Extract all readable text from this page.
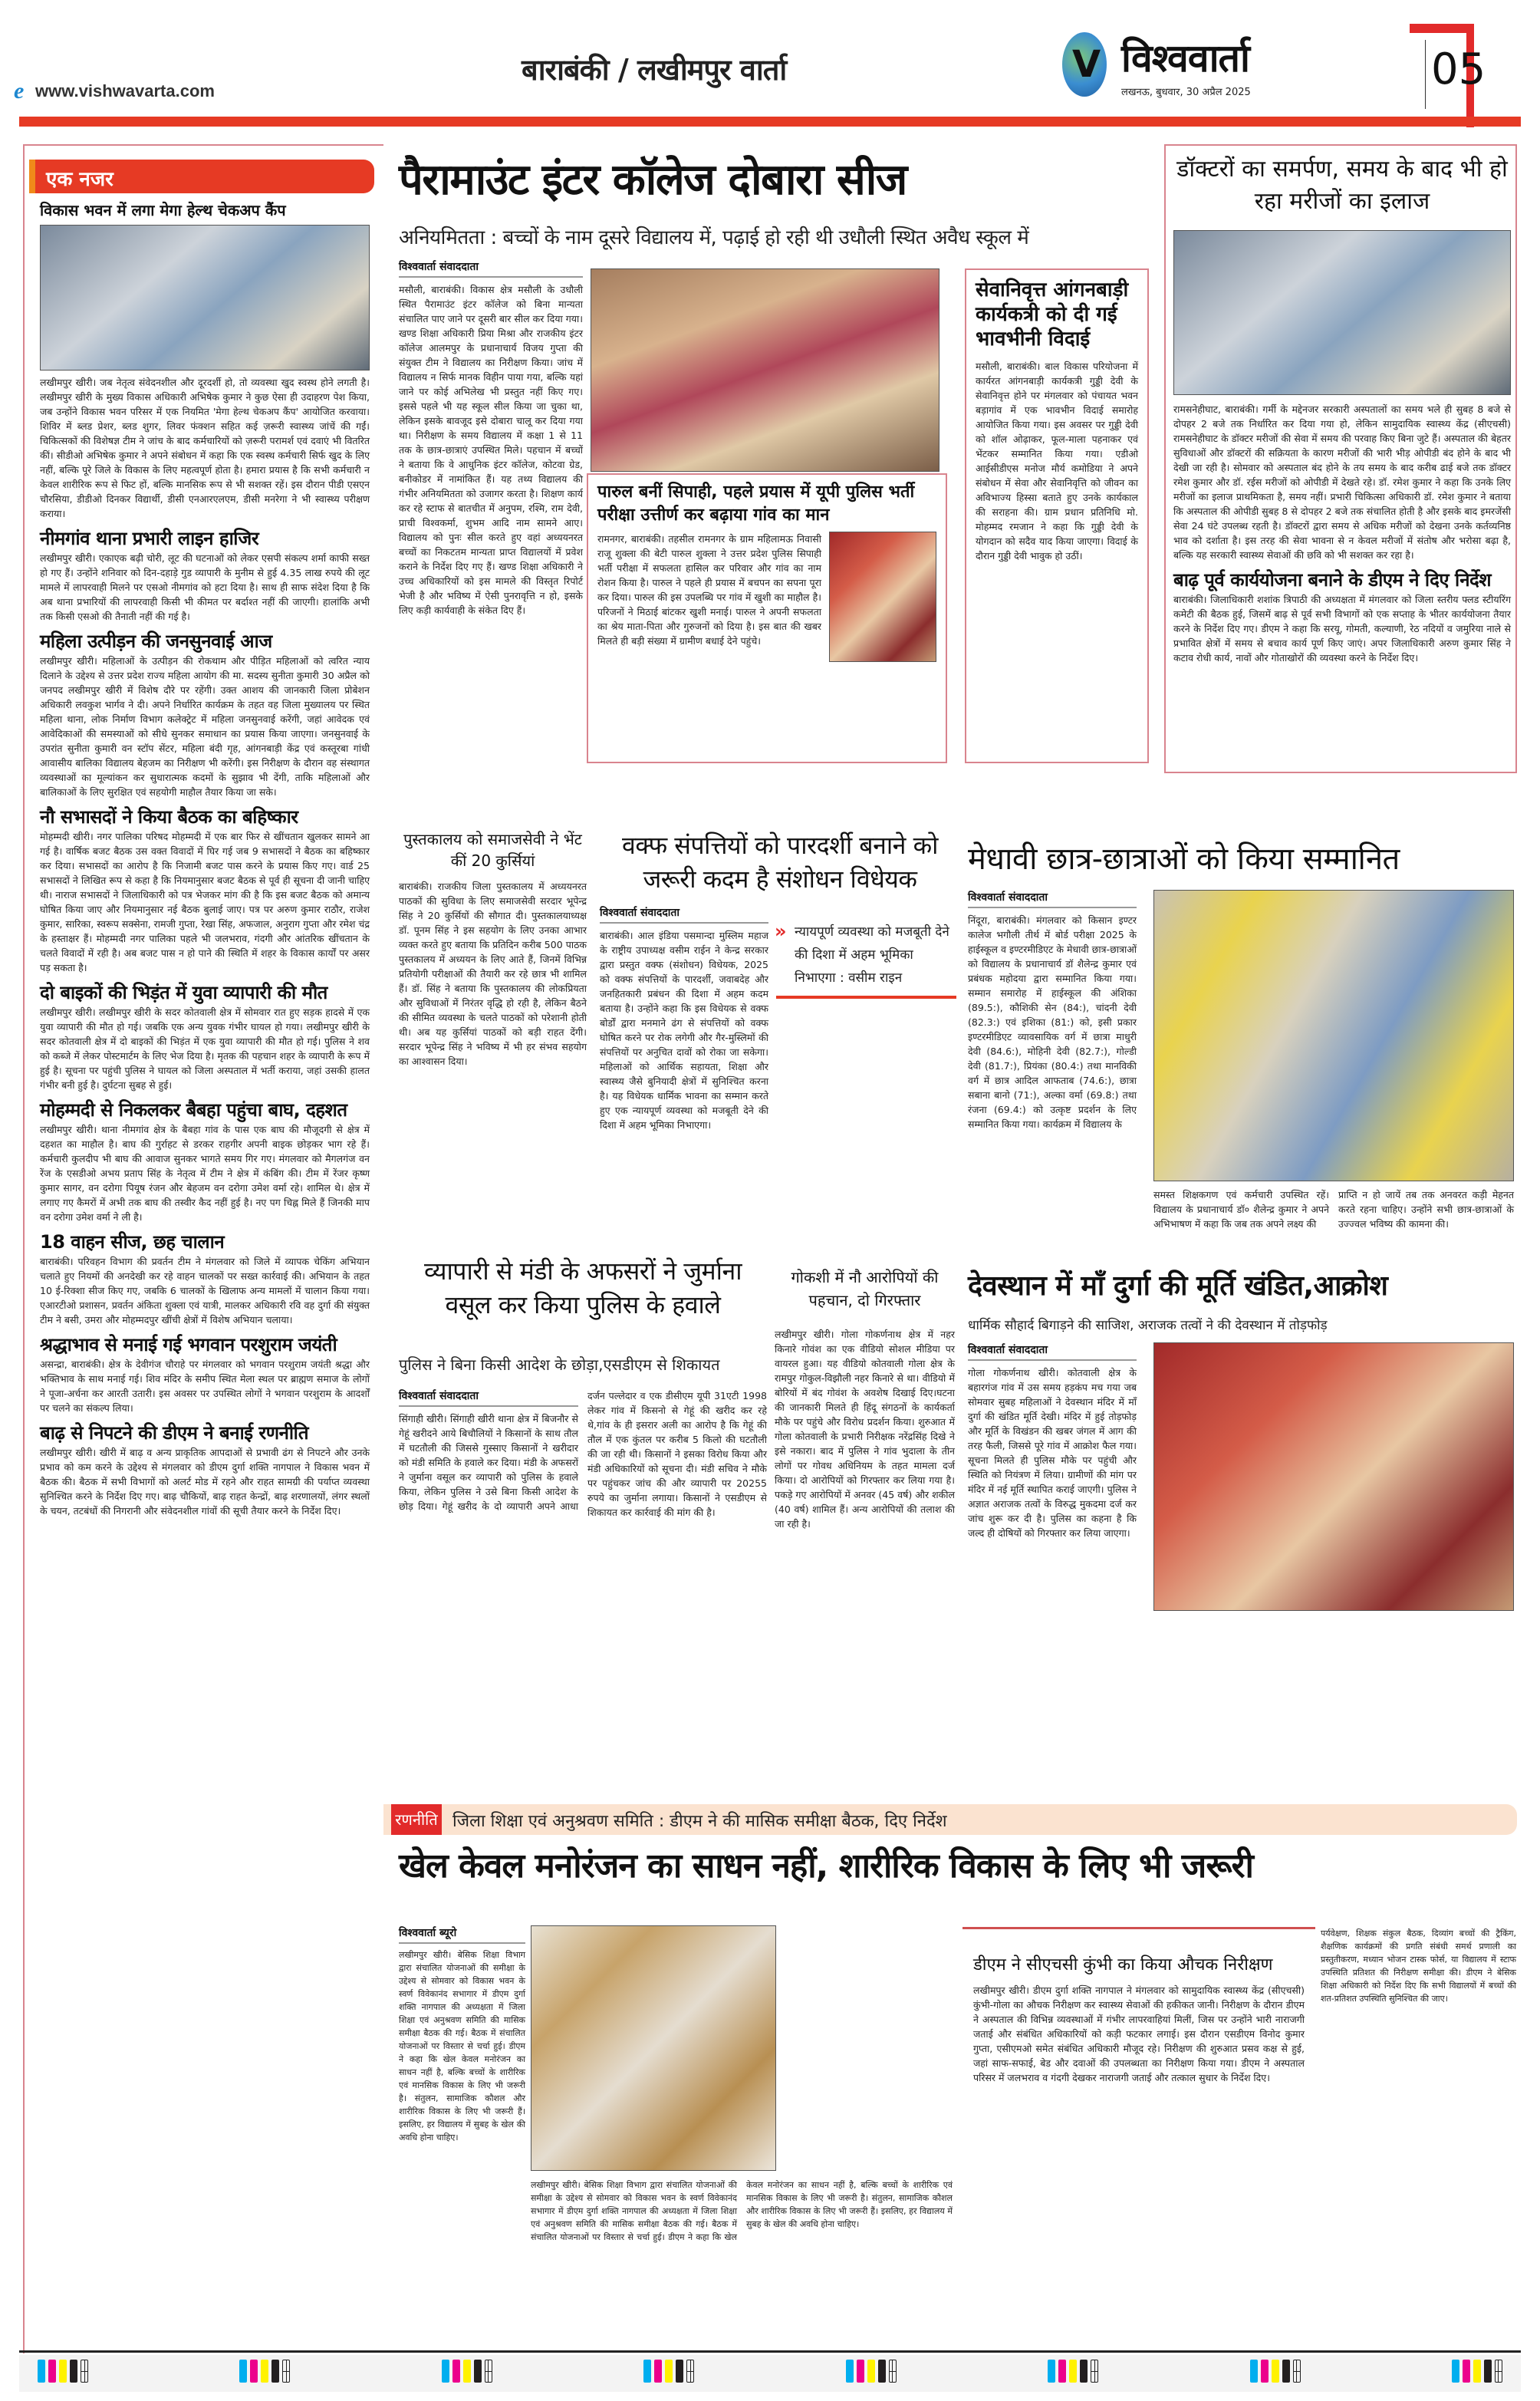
e www.vishwavarta.com
बाराबंकी / लखीमपुर वार्ता	V विश्ववार्ता
लखनऊ, बुधवार, 30 अप्रैल 2025	05
एक नजर
विकास भवन में लगा मेगा हेल्थ चेकअप कैंप

लखीमपुर खीरी। जब नेतृत्व संवेदनशील और दूरदर्शी हो, तो व्यवस्था खुद स्वस्थ होने लगती है। लखीमपुर खीरी के मुख्य विकास अधिकारी अभिषेक कुमार ने कुछ ऐसा ही उदाहरण पेश किया, जब उन्होंने विकास भवन परिसर में एक नियमित 'मेगा हेल्थ चेकअप कैंप' आयोजित करवाया। शिविर में ब्लड प्रेशर, ब्लड शुगर, लिवर फंक्शन सहित कई ज़रूरी स्वास्थ्य जांचें की गईं। चिकित्सकों की विशेषज्ञ टीम ने जांच के बाद कर्मचारियों को ज़रूरी परामर्श एवं दवाएं भी वितरित कीं। सीडीओ अभिषेक कुमार ने अपने संबोधन में कहा कि एक स्वस्थ कर्मचारी सिर्फ खुद के लिए नहीं, बल्कि पूरे जिले के विकास के लिए महत्वपूर्ण होता है। हमारा प्रयास है कि सभी कर्मचारी न केवल शारीरिक रूप से फिट हों, बल्कि मानसिक रूप से भी सशक्त रहें। इस दौरान पीडी एसएन चौरसिया, डीडीओ दिनकर विद्यार्थी, डीसी एनआरएलएम, डीसी मनरेगा ने भी स्वास्थ्य परीक्षण कराया।

नीमगांव थाना प्रभारी लाइन हाजिर

लखीमपुर खीरी। एकाएक बढ़ी चोरी, लूट की घटनाओं को लेकर एसपी संकल्प शर्मा काफी सख्त हो गए हैं। उन्होंने शनिवार को दिन-दहाड़े गुड व्यापारी के मुनीम से हुई 4.35 लाख रुपये की लूट मामले में लापरवाही मिलने पर एसओ नीमगांव को हटा दिया है। साथ ही साफ संदेश दिया है कि अब थाना प्रभारियों की लापरवाही किसी भी कीमत पर बर्दाश्त नहीं की जाएगी। हालांकि अभी तक किसी एसओ की तैनाती नहीं की गई है।

महिला उत्पीड़न की जनसुनवाई आज

लखीमपुर खीरी। महिलाओं के उत्पीड़न की रोकथाम और पीड़ित महिलाओं को त्वरित न्याय दिलाने के उद्देश्य से उत्तर प्रदेश राज्य महिला आयोग की मा. सदस्य सुनीता कुमारी 30 अप्रैल को जनपद लखीमपुर खीरी में विशेष दौरे पर रहेंगी। उक्त आशय की जानकारी जिला प्रोबेशन अधिकारी लवकुश भार्गव ने दी। अपने निर्धारित कार्यक्रम के तहत वह जिला मुख्यालय पर स्थित महिला थाना, लोक निर्माण विभाग कलेक्ट्रेट में महिला जनसुनवाई करेंगी, जहां आवेदक एवं आवेदिकाओं की समस्याओं को सीधे सुनकर समाधान का प्रयास किया जाएगा। जनसुनवाई के उपरांत सुनीता कुमारी वन स्टॉप सेंटर, महिला बंदी गृह, आंगनबाड़ी केंद्र एवं कस्तूरबा गांधी आवासीय बालिका विद्यालय बेहजम का निरीक्षण भी करेंगी। इस निरीक्षण के दौरान वह संस्थागत व्यवस्थाओं का मूल्यांकन कर सुधारात्मक कदमों के सुझाव भी देंगी, ताकि महिलाओं और बालिकाओं के लिए सुरक्षित एवं सहयोगी माहौल तैयार किया जा सके।

नौ सभासदों ने किया बैठक का बहिष्कार

मोहम्मदी खीरी। नगर पालिका परिषद मोहम्मदी में एक बार फिर से खींचतान खुलकर सामने आ गई है। वार्षिक बजट बैठक उस वक्त विवादों में घिर गई जब 9 सभासदों ने बैठक का बहिष्कार कर दिया। सभासदों का आरोप है कि निजामी बजट पास करने के प्रयास किए गए। वार्ड 25 सभासदों ने लिखित रूप से कहा है कि नियमानुसार बजट बैठक से पूर्व ही सूचना दी जानी चाहिए थी। नाराज सभासदों ने जिलाधिकारी को पत्र भेजकर मांग की है कि इस बजट बैठक को अमान्य घोषित किया जाए और नियमानुसार नई बैठक बुलाई जाए। पत्र पर अरुण कुमार राठौर, राजेश कुमार, सारिका, स्वरूप सक्सेना, रामजी गुप्ता, रेखा सिंह, अफजाल, अनुराग गुप्ता और रमेश चंद्र के हस्ताक्षर हैं। मोहम्मदी नगर पालिका पहले भी जलभराव, गंदगी और आंतरिक खींचतान के चलते विवादों में रही है। अब बजट पास न हो पाने की स्थिति में शहर के विकास कार्यों पर असर पड़ सकता है।

दो बाइकों की भिड़ंत में युवा व्यापारी की मौत

लखीमपुर खीरी। लखीमपुर खीरी के सदर कोतवाली क्षेत्र में सोमवार रात हुए सड़क हादसे में एक युवा व्यापारी की मौत हो गई। जबकि एक अन्य युवक गंभीर घायल हो गया। लखीमपुर खीरी के सदर कोतवाली क्षेत्र में दो बाइकों की भिड़ंत में एक युवा व्यापारी की मौत हो गई। पुलिस ने शव को कब्जे में लेकर पोस्टमार्टम के लिए भेज दिया है। मृतक की पहचान शहर के व्यापारी के रूप में हुई है। सूचना पर पहुंची पुलिस ने घायल को जिला अस्पताल में भर्ती कराया, जहां उसकी हालत गंभीर बनी हुई है। दुर्घटना सुबह से हुई।

मोहम्मदी से निकलकर बैबहा पहुंचा बाघ, दहशत

लखीमपुर खीरी। थाना नीमगांव क्षेत्र के बैबहा गांव के पास एक बाघ की मौजूदगी से क्षेत्र में दहशत का माहौल है। बाघ की गुर्राहट से डरकर राहगीर अपनी बाइक छोड़कर भाग रहे हैं। कर्मचारी कुलदीप भी बाघ की आवाज सुनकर भागते समय गिर गए। मंगलवार को मैगलगंज वन रेंज के एसडीओ अभय प्रताप सिंह के नेतृत्व में टीम ने क्षेत्र में कंबिंग की। टीम में रेंजर कृष्ण कुमार सागर, वन दरोगा पियूष रंजन और बेहजम वन दरोगा उमेश वर्मा रहे। शामिल थे। क्षेत्र में लगाए गए कैमरों में अभी तक बाघ की तस्वीर कैद नहीं हुई है। नए पग चिह्न मिले हैं जिनकी माप वन दरोगा उमेश वर्मा ने ली है।

18 वाहन सीज, छह चालान

बाराबंकी। परिवहन विभाग की प्रवर्तन टीम ने मंगलवार को जिले में व्यापक चेकिंग अभियान चलाते हुए नियमों की अनदेखी कर रहे वाहन चालकों पर सख्त कार्रवाई की। अभियान के तहत 10 ई-रिक्शा सीज किए गए, जबकि 6 चालकों के खिलाफ अन्य मामलों में चालान किया गया। एआरटीओ प्रशासन, प्रवर्तन अंकिता शुक्ला एवं यात्री, मालकर अधिकारी रवि वह दुर्गा की संयुक्त टीम ने बसी, उमरा और मोहम्मदपुर खींची क्षेत्रों में विशेष अभियान चलाया।

श्रद्धाभाव से मनाई गई भगवान परशुराम जयंती

असन्द्रा, बाराबंकी। क्षेत्र के देवीगंज चौराहे पर मंगलवार को भगवान परशुराम जयंती श्रद्धा और भक्तिभाव के साथ मनाई गई। शिव मंदिर के समीप स्थित मेला स्थल पर ब्राह्मण समाज के लोगों ने पूजा-अर्चना कर आरती उतारी। इस अवसर पर उपस्थित लोगों ने भगवान परशुराम के आदर्शों पर चलने का संकल्प लिया।

बाढ़ से निपटने की डीएम ने बनाई रणनीति

लखीमपुर खीरी। खीरी में बाढ़ व अन्य प्राकृतिक आपदाओं से प्रभावी ढंग से निपटने और उनके प्रभाव को कम करने के उद्देश्य से मंगलवार को डीएम दुर्गा शक्ति नागपाल ने विकास भवन में बैठक की। बैठक में सभी विभागों को अलर्ट मोड में रहने और राहत सामग्री की पर्याप्त व्यवस्था सुनिश्चित करने के निर्देश दिए गए। बाढ़ चौकियों, बाढ़ राहत केन्द्रों, बाढ़ शरणालयों, लंगर स्थलों के चयन, तटबंधों की निगरानी और संवेदनशील गांवों की सूची तैयार करने के निर्देश दिए।

पैरामाउंट इंटर कॉलेज दोबारा सीज
अनियमितता : बच्चों के नाम दूसरे विद्यालय में, पढ़ाई हो रही थी उधौली स्थित अवैध स्कूल में
विश्ववार्ता संवाददाता

मसौली, बाराबंकी। विकास क्षेत्र मसौली के उधौली स्थित पैरामाउंट इंटर कॉलेज को बिना मान्यता संचालित पाए जाने पर दूसरी बार सील कर दिया गया। खण्ड शिक्षा अधिकारी प्रिया मिश्रा और राजकीय इंटर कॉलेज आलमपुर के प्रधानाचार्य विजय गुप्ता की संयुक्त टीम ने विद्यालय का निरीक्षण किया। जांच में विद्यालय न सिर्फ मानक विहीन पाया गया, बल्कि यहां जाने पर कोई अभिलेख भी प्रस्तुत नहीं किए गए। इससे पहले भी यह स्कूल सील किया जा चुका था, लेकिन इसके बावजूद इसे दोबारा चालू कर दिया गया था। निरीक्षण के समय विद्यालय में कक्षा 1 से 11 तक के छात्र-छात्राएं उपस्थित मिले। पहचान में बच्चों ने बताया कि वे आधुनिक इंटर कॉलेज, कोटवा ग्रेड, बनीकोडर में नामांकित हैं। यह तथ्य विद्यालय की गंभीर अनियमितता को उजागर करता है। शिक्षण कार्य कर रहे स्टाफ से बातचीत में अनुपम, रश्मि, राम देवी, प्राची विश्वकर्मा, शुभम आदि नाम सामने आए। विद्यालय को पुनः सील करते हुए वहां अध्ययनरत बच्चों का निकटतम मान्यता प्राप्त विद्यालयों में प्रवेश कराने के निर्देश दिए गए हैं। खण्ड शिक्षा अधिकारी ने उच्च अधिकारियों को इस मामले की विस्तृत रिपोर्ट भेजी है और भविष्य में ऐसी पुनरावृत्ति न हो, इसके लिए कड़ी कार्यवाही के संकेत दिए हैं।

सेवानिवृत्त आंगनबाड़ी कार्यकत्री को दी गई भावभीनी विदाई

मसौली, बाराबंकी। बाल विकास परियोजना में कार्यरत आंगनबाड़ी कार्यकत्री गुड्डी देवी के सेवानिवृत्त होने पर मंगलवार को पंचायत भवन बड़ागांव में एक भावभीन विदाई समारोह आयोजित किया गया। इस अवसर पर गुड्डी देवी को शॉल ओढ़ाकर, फूल-माला पहनाकर एवं भेंटकर सम्मानित किया गया। एडीओ आईसीडीएस मनोज मौर्य कमोडिया ने अपने संबोधन में सेवा और सेवानिवृत्ति को जीवन का अविभाज्य हिस्सा बताते हुए उनके कार्यकाल की सराहना की। ग्राम प्रधान प्रतिनिधि मो. मोहम्मद रमजान ने कहा कि गुड्डी देवी के योगदान को सदैव याद किया जाएगा। विदाई के दौरान गुड्डी देवी भावुक हो उठीं।

पारुल बनीं सिपाही, पहले प्रयास में यूपी पुलिस भर्ती परीक्षा उत्तीर्ण कर बढ़ाया गांव का मान

रामनगर, बाराबंकी। तहसील रामनगर के ग्राम महिलामऊ निवासी राजू शुक्ला की बेटी पारुल शुक्ला ने उत्तर प्रदेश पुलिस सिपाही भर्ती परीक्षा में सफलता हासिल कर परिवार और गांव का नाम रोशन किया है। पारुल ने पहले ही प्रयास में बचपन का सपना पूरा कर दिया। पारुल की इस उपलब्धि पर गांव में खुशी का माहौल है। परिजनों ने मिठाई बांटकर खुशी मनाई। पारुल ने अपनी सफलता का श्रेय माता-पिता और गुरुजनों को दिया है। इस बात की खबर मिलते ही बड़ी संख्या में ग्रामीण बधाई देने पहुंचे।

डॉक्टरों का समर्पण, समय के बाद भी हो रहा मरीजों का इलाज

रामसनेहीघाट, बाराबंकी। गर्मी के मद्देनजर सरकारी अस्पतालों का समय भले ही सुबह 8 बजे से दोपहर 2 बजे तक निर्धारित कर दिया गया हो, लेकिन सामुदायिक स्वास्थ्य केंद्र (सीएचसी) रामसनेहीघाट के डॉक्टर मरीजों की सेवा में समय की परवाह किए बिना जुटे हैं। अस्पताल की बेहतर सुविधाओं और डॉक्टरों की सक्रियता के कारण मरीजों की भारी भीड़ ओपीडी बंद होने के बाद भी देखी जा रही है। सोमवार को अस्पताल बंद होने के तय समय के बाद करीब ढाई बजे तक डॉक्टर रमेश कुमार और डॉ. रईस मरीजों को ओपीडी में देखते रहे। डॉ. रमेश कुमार ने कहा कि उनके लिए मरीजों का इलाज प्राथमिकता है, समय नहीं। प्रभारी चिकित्सा अधिकारी डॉ. रमेश कुमार ने बताया कि अस्पताल की ओपीडी सुबह 8 से दोपहर 2 बजे तक संचालित होती है और इसके बाद इमरजेंसी सेवा 24 घंटे उपलब्ध रहती है। डॉक्टरों द्वारा समय से अधिक मरीजों को देखना उनके कर्तव्यनिष्ठ भाव को दर्शाता है। इस तरह की सेवा भावना से न केवल मरीजों में संतोष और भरोसा बढ़ा है, बल्कि यह सरकारी स्वास्थ्य सेवाओं की छवि को भी सशक्त कर रहा है।

बाढ़ पूर्व कार्ययोजना बनाने के डीएम ने दिए निर्देश

बाराबंकी। जिलाधिकारी शशांक त्रिपाठी की अध्यक्षता में मंगलवार को जिला स्तरीय फ्लड स्टीयरिंग कमेटी की बैठक हुई, जिसमें बाढ़ से पूर्व सभी विभागों को एक सप्ताह के भीतर कार्ययोजना तैयार करने के निर्देश दिए गए। डीएम ने कहा कि सरयू, गोमती, कल्याणी, रेठ नदियों व जमुरिया नाले से प्रभावित क्षेत्रों में समय से बचाव कार्य पूर्ण किए जाएं। अपर जिलाधिकारी अरुण कुमार सिंह ने कटाव रोधी कार्य, नावों और गोताखोरों की व्यवस्था करने के निर्देश दिए।

पुस्तकालय को समाजसेवी ने भेंट कीं 20 कुर्सियां

बाराबंकी। राजकीय जिला पुस्तकालय में अध्ययनरत पाठकों की सुविधा के लिए समाजसेवी सरदार भूपेन्द्र सिंह ने 20 कुर्सियों की सौगात दी। पुस्तकालयाध्यक्ष डॉ. पूनम सिंह ने इस सहयोग के लिए उनका आभार व्यक्त करते हुए बताया कि प्रतिदिन करीब 500 पाठक पुस्तकालय में अध्ययन के लिए आते हैं, जिनमें विभिन्न प्रतियोगी परीक्षाओं की तैयारी कर रहे छात्र भी शामिल हैं। डॉ. सिंह ने बताया कि पुस्तकालय की लोकप्रियता और सुविधाओं में निरंतर वृद्धि हो रही है, लेकिन बैठने की सीमित व्यवस्था के चलते पाठकों को परेशानी होती थी। अब यह कुर्सियां पाठकों को बड़ी राहत देंगी। सरदार भूपेन्द्र सिंह ने भविष्य में भी हर संभव सहयोग का आश्वासन दिया।

वक्फ संपत्तियों को पारदर्शी बनाने को जरूरी कदम है संशोधन विधेयक
विश्ववार्ता संवाददाता

बाराबंकी। आल इंडिया पसमान्दा मुस्लिम महाज के राष्ट्रीय उपाध्यक्ष वसीम राईन ने केन्द्र सरकार द्वारा प्रस्तुत वक्फ (संशोधन) विधेयक, 2025 को वक्फ संपत्तियों के पारदर्शी, जवाबदेह और जनहितकारी प्रबंधन की दिशा में अहम कदम बताया है। उन्होंने कहा कि इस विधेयक से वक्फ बोर्डों द्वारा मनमाने ढंग से संपत्तियों को वक्फ घोषित करने पर रोक लगेगी और गैर-मुस्लिमों की संपत्तियों पर अनुचित दावों को रोका जा सकेगा। महिलाओं को आर्थिक सहायता, शिक्षा और स्वास्थ्य जैसे बुनियादी क्षेत्रों में सुनिश्चित करना है। यह विधेयक धार्मिक भावना का सम्मान करते हुए एक न्यायपूर्ण व्यवस्था को मजबूती देने की दिशा में अहम भूमिका निभाएगा।

» न्यायपूर्ण व्यवस्था को मजबूती देने की दिशा में अहम भूमिका निभाएगा : वसीम राइन
मेधावी छात्र-छात्राओं को किया सम्मानित
विश्ववार्ता संवाददाता

निंदूरा, बाराबंकी। मंगलवार को किसान इण्टर कालेज भगौली तीर्थ में बोर्ड परीक्षा 2025 के हाईस्कूल व इण्टरमीडिएट के मेधावी छात्र-छात्राओं को विद्यालय के प्रधानाचार्य डॉ शैलेन्द्र कुमार एवं प्रबंधक महोदया द्वारा सम्मानित किया गया। सम्मान समारोह में हाईस्कूल की अंशिका (89.5:), कौशिकी सेन (84:), चांदनी देवी (82.3:) एवं इशिका (81:) को, इसी प्रकार इण्टरमीडिएट व्यावसायिक वर्ग में छात्रा माधुरी देवी (84.6:), मोहिनी देवी (82.7:), गोल्डी देवी (81.7:), प्रियंका (80.4:) तथा मानविकी वर्ग में छात्र आदिल आफताब (74.6:), छात्रा सबाना बानो (71:), अल्का वर्मा (69.8:) तथा रंजना (69.4:) को उत्कृष्ट प्रदर्शन के लिए सम्मानित किया गया। कार्यक्रम में विद्यालय के

समस्त शिक्षकगण एवं कर्मचारी उपस्थित रहें। विद्यालय के प्रधानाचार्य डॉ० शैलेन्द्र कुमार ने अपने अभिभाषण में कहा कि जब तक अपने लक्ष्य की

प्राप्ति न हो जायें तब तक अनवरत कड़ी मेहनत करते रहना चाहिए। उन्होंने सभी छात्र-छात्राओं के उज्ज्वल भविष्य की कामना की।

व्यापारी से मंडी के अफसरों ने जुर्माना वसूल कर किया पुलिस के हवाले
पुलिस ने बिना किसी आदेश के छोड़ा,एसडीएम से शिकायत
विश्ववार्ता संवाददाता

सिंगाही खीरी। सिंगाही खीरी थाना क्षेत्र में बिजनौर से गेहूं खरीदने आये बिचौलियों ने किसानों के साथ तौल में घटतौली की जिससे गुस्साए किसानों ने खरीदार को मंडी समिति के हवाले कर दिया। मंडी के अफसरों ने जुर्माना वसूल कर व्यापारी को पुलिस के हवाले किया, लेकिन पुलिस ने उसे बिना किसी आदेश के छोड़ दिया। गेहूं खरीद के दो व्यापारी अपने आधा दर्जन पल्लेदार व एक डीसीएम यूपी 31एटी 1998 लेकर गांव में किसनो से गेहूं की खरीद कर रहे थे,गांव के ही इसरार अली का आरोप है कि गेहूं की तौल में एक कुंतल पर करीब 5 किलो की घटतौली की जा रही थी। किसानों ने इसका विरोध किया और मंडी अधिकारियों को सूचना दी। मंडी सचिव ने मौके पर पहुंचकर जांच की और व्यापारी पर 20255 रुपये का जुर्माना लगाया। किसानों ने एसडीएम से शिकायत कर कार्रवाई की मांग की है।

गोकशी में नौ आरोपियों की पहचान, दो गिरफ्तार

लखीमपुर खीरी। गोला गोकर्णनाथ क्षेत्र में नहर किनारे गोवंश का एक वीडियो सोशल मीडिया पर वायरल हुआ। यह वीडियो कोतवाली गोला क्षेत्र के रामपुर गोकुल-विझौली नहर किनारे से था। वीडियो में बोरियों में बंद गोवंश के अवशेष दिखाई दिए।घटना की जानकारी मिलते ही हिंदू संगठनों के कार्यकर्ता मौके पर पहुंचे और विरोध प्रदर्शन किया। शुरुआत में गोला कोतवाली के प्रभारी निरीक्षक नरेंद्रसिंह दिखे ने इसे नकारा। बाद में पुलिस ने गांव भुदाला के तीन लोगों पर गोवध अधिनियम के तहत मामला दर्ज किया। दो आरोपियों को गिरफ्तार कर लिया गया है। पकड़े गए आरोपियों में अनवर (45 वर्ष) और शकील (40 वर्ष) शामिल हैं। अन्य आरोपियों की तलाश की जा रही है।

देवस्थान में माँ दुर्गा की मूर्ति खंडित,आक्रोश
धार्मिक सौहार्द बिगाड़ने की साजिश, अराजक तत्वों ने की देवस्थान में तोड़फोड़
विश्ववार्ता संवाददाता

गोला गोकर्णनाथ खीरी। कोतवाली क्षेत्र के बहारगंज गांव में उस समय हड़कंप मच गया जब सोमवार सुबह महिलाओं ने देवस्थान मंदिर में माँ दुर्गा की खंडित मूर्ति देखी। मंदिर में हुई तोड़फोड़ और मूर्ति के विखंडन की खबर जंगल में आग की तरह फैली, जिससे पूरे गांव में आक्रोश फैल गया। सूचना मिलते ही पुलिस मौके पर पहुंची और स्थिति को नियंत्रण में लिया। ग्रामीणों की मांग पर मंदिर में नई मूर्ति स्थापित कराई जाएगी। पुलिस ने अज्ञात अराजक तत्वों के विरुद्ध मुकदमा दर्ज कर जांच शुरू कर दी है। पुलिस का कहना है कि जल्द ही दोषियों को गिरफ्तार कर लिया जाएगा।

रणनीति जिला शिक्षा एवं अनुश्रवण समिति : डीएम ने की मासिक समीक्षा बैठक, दिए निर्देश
खेल केवल मनोरंजन का साधन नहीं, शारीरिक विकास के लिए भी जरूरी
विश्ववार्ता ब्यूरो

लखीमपुर खीरी। बेसिक शिक्षा विभाग द्वारा संचालित योजनाओं की समीक्षा के उद्देश्य से सोमवार को विकास भवन के स्वर्ण विवेकानंद सभागार में डीएम दुर्गा शक्ति नागपाल की अध्यक्षता में जिला शिक्षा एवं अनुश्रवण समिति की मासिक समीक्षा बैठक की गई। बैठक में संचालित योजनाओं पर विस्तार से चर्चा हुई। डीएम ने कहा कि खेल केवल मनोरंजन का साधन नहीं है, बल्कि बच्चों के शारीरिक एवं मानसिक विकास के लिए भी जरूरी है। संतुलन, सामाजिक कौशल और शारीरिक विकास के लिए भी जरूरी हैं। इसलिए, हर विद्यालय में सुबह के खेल की अवधि होना चाहिए।

लखीमपुर खीरी। बेसिक शिक्षा विभाग द्वारा संचालित योजनाओं की समीक्षा के उद्देश्य से सोमवार को विकास भवन के स्वर्ण विवेकानंद सभागार में डीएम दुर्गा शक्ति नागपाल की अध्यक्षता में जिला शिक्षा एवं अनुश्रवण समिति की मासिक समीक्षा बैठक की गई। बैठक में संचालित योजनाओं पर विस्तार से चर्चा हुई। डीएम ने कहा कि खेल केवल मनोरंजन का साधन नहीं है, बल्कि बच्चों के शारीरिक एवं मानसिक विकास के लिए भी जरूरी है। संतुलन, सामाजिक कौशल और शारीरिक विकास के लिए भी जरूरी हैं। इसलिए, हर विद्यालय में सुबह के खेल की अवधि होना चाहिए।

डीएम ने सीएचसी कुंभी का किया औचक निरीक्षण

लखीमपुर खीरी। डीएम दुर्गा शक्ति नागपाल ने मंगलवार को सामुदायिक स्वास्थ्य केंद्र (सीएचसी) कुंभी-गोला का औचक निरीक्षण कर स्वास्थ्य सेवाओं की हकीकत जानी। निरीक्षण के दौरान डीएम ने अस्पताल की विभिन्न व्यवस्थाओं में गंभीर लापरवाहियां मिलीं, जिस पर उन्होंने भारी नाराजगी जताई और संबंधित अधिकारियों को कड़ी फटकार लगाई। इस दौरान एसडीएम विनोद कुमार गुप्ता, एसीएमओ समेत संबंधित अधिकारी मौजूद रहे। निरीक्षण की शुरुआत प्रसव कक्ष से हुई, जहां साफ-सफाई, बेड और दवाओं की उपलब्धता का निरीक्षण किया गया। डीएम ने अस्पताल परिसर में जलभराव व गंदगी देखकर नाराजगी जताई और तत्काल सुधार के निर्देश दिए।

पर्यवेक्षण, शिक्षक संकुल बैठक, दिव्यांग बच्चों की ट्रैकिंग, शैक्षणिक कार्यक्रमों की प्रगति संबंधी समर्थ प्रणाली का प्रस्तुतीकरण, मध्यान भोजन टास्क फोर्स, या विद्यालय में स्टाफ उपस्थिति प्रतिशत की निरीक्षण समीक्षा की। डीएम ने बेसिक शिक्षा अधिकारी को निर्देश दिए कि सभी विद्यालयों में बच्चों की शत-प्रतिशत उपस्थिति सुनिश्चित की जाए।
